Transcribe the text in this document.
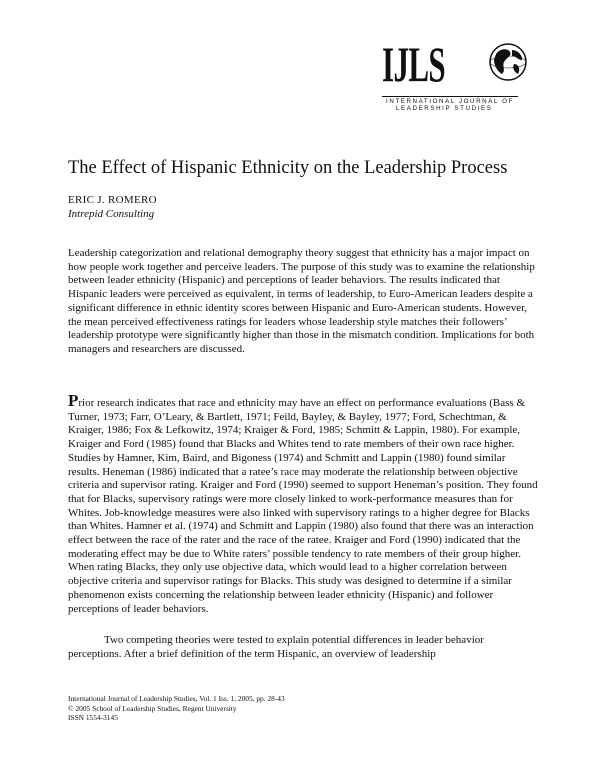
IJLS
INTERNATIONAL JOURNAL OF
LEADERSHIP STUDIES
The Effect of Hispanic Ethnicity on the Leadership Process
ERIC J. ROMERO
Intrepid Consulting

Leadership categorization and relational demography theory suggest that ethnicity has a major impact on how people work together and perceive leaders. The purpose of this study was to examine the relationship between leader ethnicity (Hispanic) and perceptions of leader behaviors. The results indicated that Hispanic leaders were perceived as equivalent, in terms of leadership, to Euro-American leaders despite a significant difference in ethnic identity scores between Hispanic and Euro-American students. However, the mean perceived effectiveness ratings for leaders whose leadership style matches their followers’ leadership prototype were significantly higher than those in the mismatch condition. Implications for both managers and researchers are discussed.

Prior research indicates that race and ethnicity may have an effect on performance evaluations (Bass & Turner, 1973; Farr, O’Leary, & Bartlett, 1971; Feild, Bayley, & Bayley, 1977; Ford, Schechtman, & Kraiger, 1986; Fox & Lefkowitz, 1974; Kraiger & Ford, 1985; Schmitt & Lappin, 1980). For example, Kraiger and Ford (1985) found that Blacks and Whites tend to rate members of their own race higher. Studies by Hamner, Kim, Baird, and Bigoness (1974) and Schmitt and Lappin (1980) found similar results. Heneman (1986) indicated that a ratee’s race may moderate the relationship between objective criteria and supervisor rating. Kraiger and Ford (1990) seemed to support Heneman’s position. They found that for Blacks, supervisory ratings were more closely linked to work-performance measures than for Whites. Job-knowledge measures were also linked with supervisory ratings to a higher degree for Blacks than Whites. Hamner et al. (1974) and Schmitt and Lappin (1980) also found that there was an interaction effect between the race of the rater and the race of the ratee. Kraiger and Ford (1990) indicated that the moderating effect may be due to White raters’ possible tendency to rate members of their group higher. When rating Blacks, they only use objective data, which would lead to a higher correlation between objective criteria and supervisor ratings for Blacks. This study was designed to determine if a similar phenomenon exists concerning the relationship between leader ethnicity (Hispanic) and follower perceptions of leader behaviors.

Two competing theories were tested to explain potential differences in leader behavior perceptions. After a brief definition of the term Hispanic, an overview of leadership

International Journal of Leadership Studies, Vol. 1 Iss. 1, 2005, pp. 28-43
© 2005 School of Leadership Studies, Regent University
ISSN 1554-3145
